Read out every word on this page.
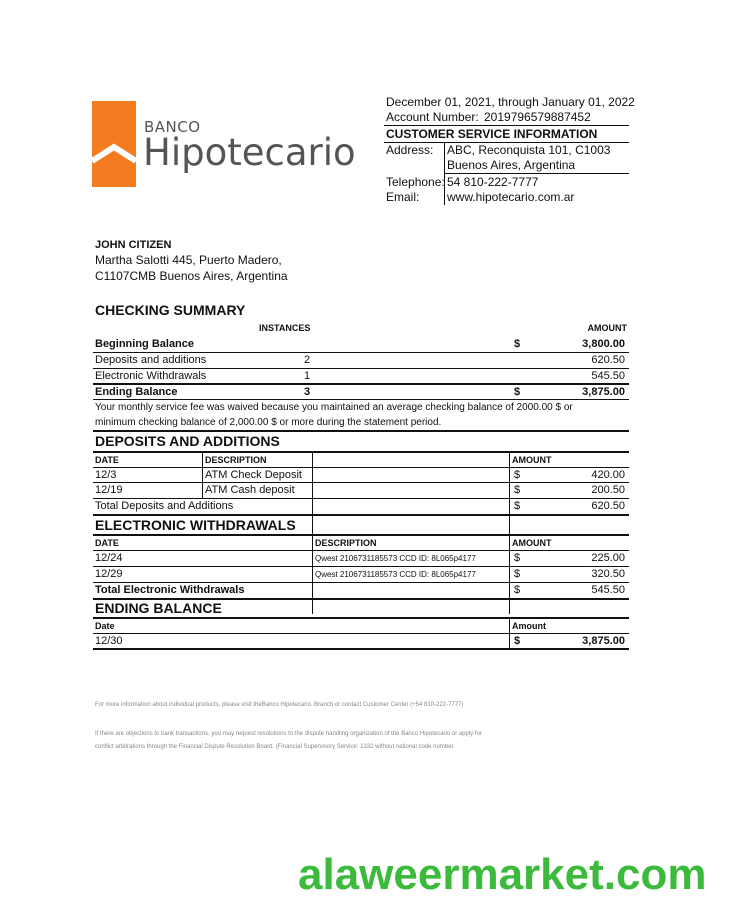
BANCO
Hipotecario
December 01, 2021, through January 01, 2022
Account Number: 2019796579887452
CUSTOMER SERVICE INFORMATION
Address: ABC, Reconquista 101, C1003
Buenos Aires, Argentina
Telephone: 54 810-222-7777
Email: www.hipotecario.com.ar
JOHN CITIZEN
Martha Salotti 445, Puerto Madero,
C1107CMB Buenos Aires, Argentina
CHECKING SUMMARY
INSTANCES	AMOUNT
Beginning Balance	$	3,800.00
Deposits and additions	2	620.50
Electronic Withdrawals	1	545.50
Ending Balance	3	$	3,875.00
Your monthly service fee was waived because you maintained an average checking balance of 2000.00 $ or
minimum checking balance of 2,000.00 $ or more during the statement period.
DEPOSITS AND ADDITIONS
DATE	DESCRIPTION	AMOUNT
12/3	ATM Check Deposit	$	420.00
12/19	ATM Cash deposit	$	200.50
Total Deposits and Additions	$	620.50
ELECTRONIC WITHDRAWALS
DATE	DESCRIPTION	AMOUNT
12/24	Qwest 2106731185573 CCD ID: 8L065p4177	$	225.00
12/29	Qwest 2106731185573 CCD ID: 8L065p4177	$	320.50
Total Electronic Withdrawals	$	545.50
ENDING BALANCE
Date	Amount
12/30	$	3,875.00
For more information about individual products, please visit theBanco Hipotecario. Branch or contact Customer Center (+54 810-222-7777)
If there are objections to bank transactions, you may request resolutions to the dispute handling organization of the Banco Hipotecario or apply for
conflict arbitrations through the Financial Dispute Resolution Board. (Financial Supervisory Service: 1332 without national code number.
alaweermarket.com
